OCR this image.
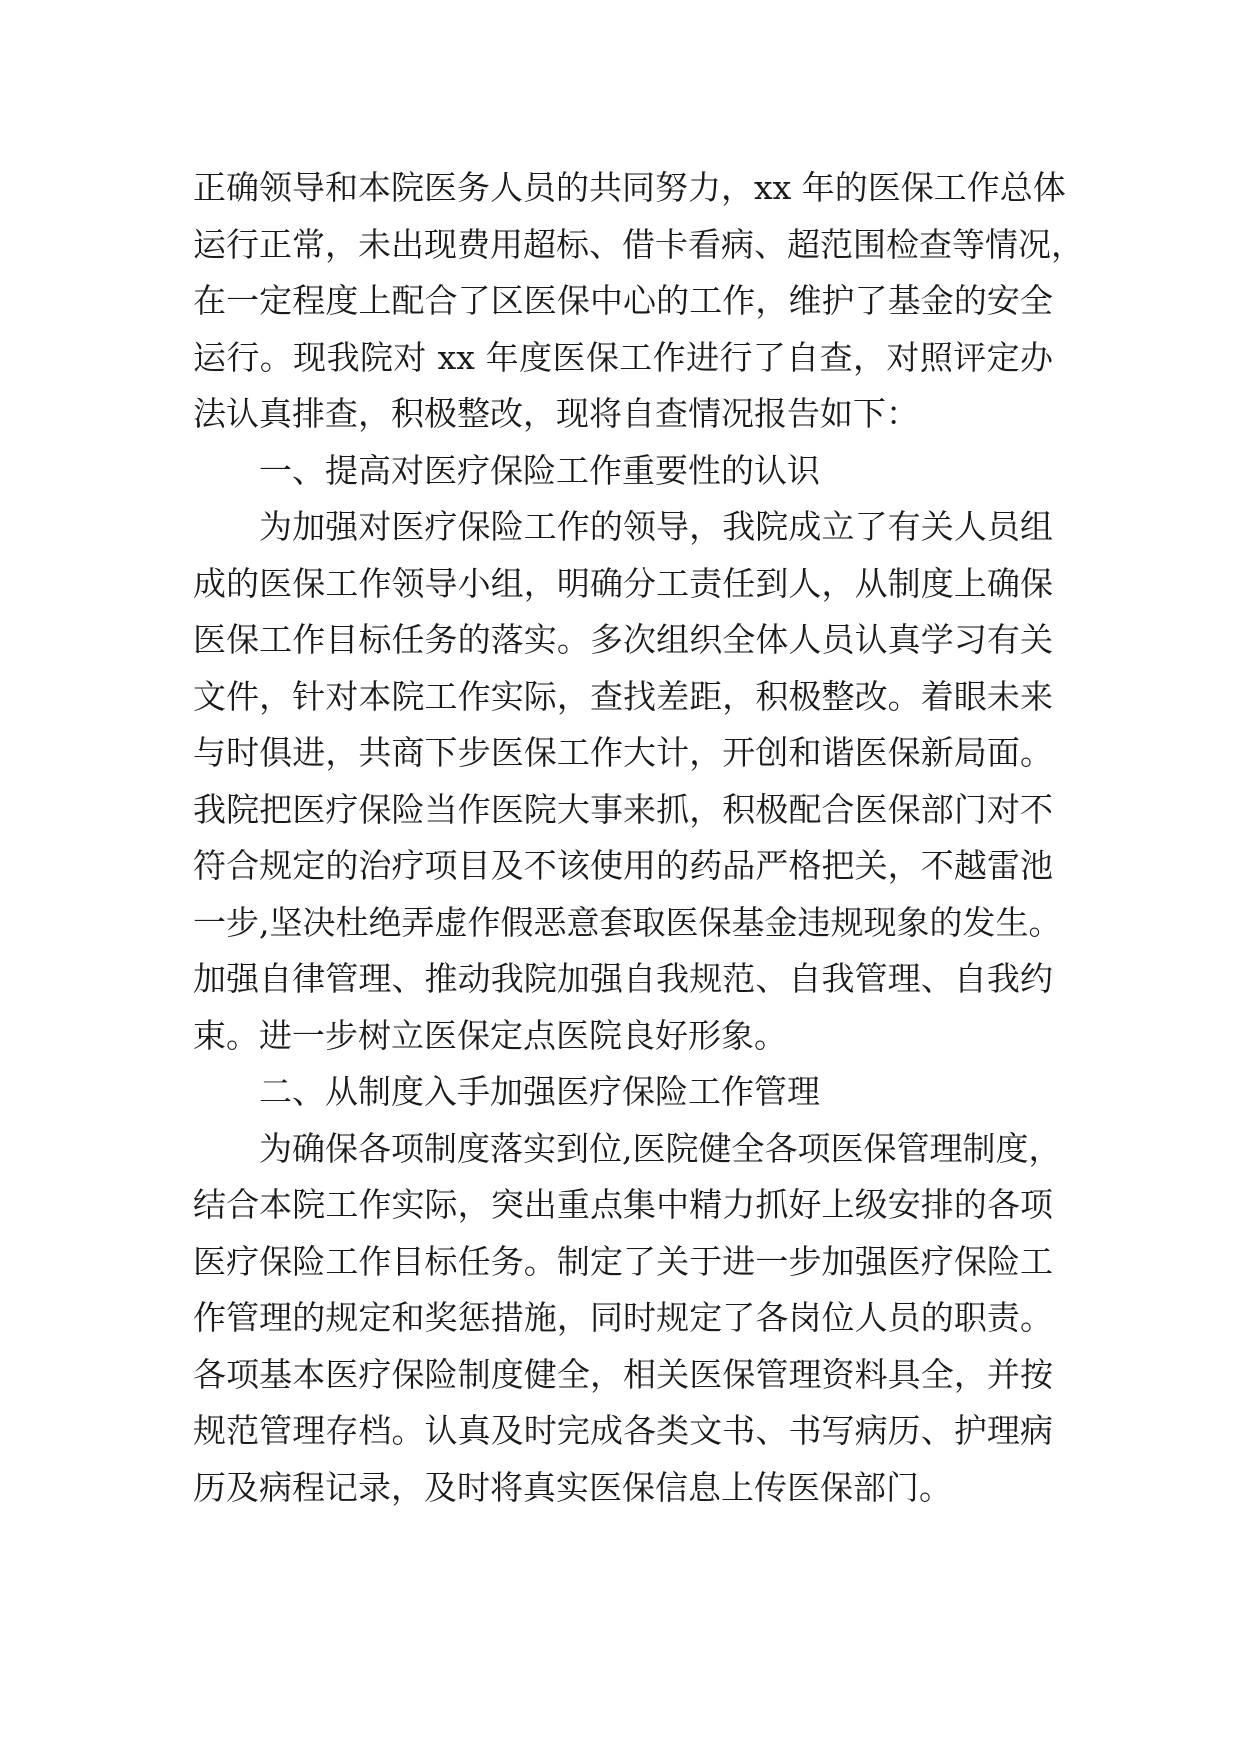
正确领导和本院医务人员的共同努力，xx 年的医保工作总体
运行正常，未出现费用超标、借卡看病、超范围检查等情况，
在一定程度上配合了区医保中心的工作，维护了基金的安全
运行。现我院对 xx 年度医保工作进行了自查，对照评定办
法认真排查，积极整改，现将自查情况报告如下：
一、提高对医疗保险工作重要性的认识
为加强对医疗保险工作的领导，我院成立了有关人员组
成的医保工作领导小组，明确分工责任到人，从制度上确保
医保工作目标任务的落实。多次组织全体人员认真学习有关
文件，针对本院工作实际，查找差距，积极整改。着眼未来
与时俱进，共商下步医保工作大计，开创和谐医保新局面。
我院把医疗保险当作医院大事来抓，积极配合医保部门对不
符合规定的治疗项目及不该使用的药品严格把关，不越雷池
一步,坚决杜绝弄虚作假恶意套取医保基金违规现象的发生。
加强自律管理、推动我院加强自我规范、自我管理、自我约
束。进一步树立医保定点医院良好形象。
二、从制度入手加强医疗保险工作管理
为确保各项制度落实到位,医院健全各项医保管理制度，
结合本院工作实际，突出重点集中精力抓好上级安排的各项
医疗保险工作目标任务。制定了关于进一步加强医疗保险工
作管理的规定和奖惩措施，同时规定了各岗位人员的职责。
各项基本医疗保险制度健全，相关医保管理资料具全，并按
规范管理存档。认真及时完成各类文书、书写病历、护理病
历及病程记录，及时将真实医保信息上传医保部门。
